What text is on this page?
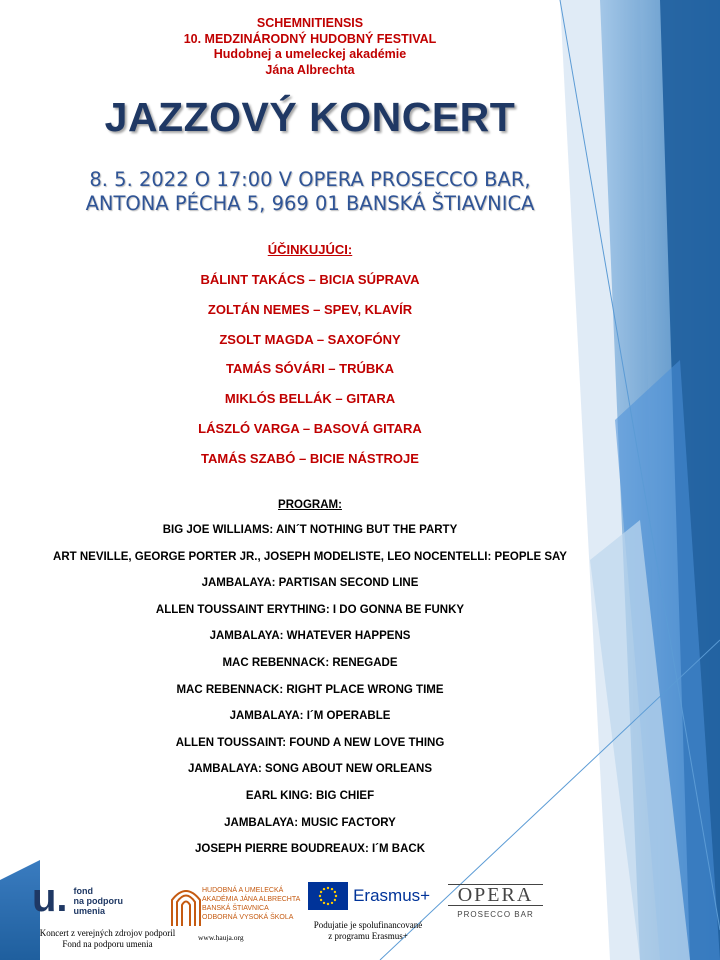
SCHEMNITIENSIS
10. MEDZINÁRODNÝ HUDOBNÝ FESTIVAL
Hudobnej a umeleckej akadémie
Jána Albrechta
JAZZOVÝ KONCERT
8. 5. 2022 O 17:00 V OPERA PROSECCO BAR,
ANTONA PÉCHA 5, 969 01 BANSKÁ ŠTIAVNICA
ÚČINKUJÚCI:
BÁLINT TAKÁCS – BICIA SÚPRAVA
ZOLTÁN NEMES – SPEV, KLAVÍR
ZSOLT MAGDA – SAXOFÓNY
TAMÁS SÓVÁRI – TRÚBKA
MIKLÓS BELLÁK – GITARA
LÁSZLÓ VARGA – BASOVÁ GITARA
TAMÁS SZABÓ – BICIE NÁSTROJE
PROGRAM:
BIG JOE WILLIAMS: AIN´T NOTHING BUT THE PARTY
ART NEVILLE, GEORGE PORTER JR., JOSEPH MODELISTE, LEO NOCENTELLI: PEOPLE SAY
JAMBALAYA: PARTISAN SECOND LINE
ALLEN TOUSSAINT ERYTHING: I DO GONNA BE FUNKY
JAMBALAYA: WHATEVER HAPPENS
MAC REBENNACK: RENEGADE
MAC REBENNACK: RIGHT PLACE WRONG TIME
JAMBALAYA: I´M OPERABLE
ALLEN TOUSSAINT: FOUND A NEW LOVE THING
JAMBALAYA: SONG ABOUT NEW ORLEANS
EARL KING: BIG CHIEF
JAMBALAYA: MUSIC FACTORY
JOSEPH PIERRE BOUDREAUX: I´M BACK
u. fond
na podporu
umenia
Koncert z verejných zdrojov podporil
Fond na podporu umenia
HUDOBNÁ A UMELECKÁ
AKADÉMIA JÁNA ALBRECHTA
BANSKÁ ŠTIAVNICA
ODBORNÁ VYSOKÁ ŠKOLA
www.hauja.org
Erasmus+
Podujatie je spolufinancované
z programu Erasmus+
OPERA
PROSECCO BAR
